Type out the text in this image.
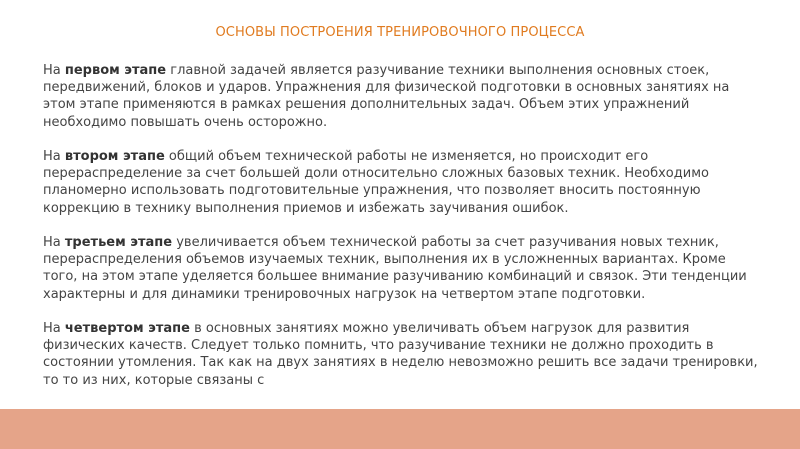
ОСНОВЫ ПОСТРОЕНИЯ ТРЕНИРОВОЧНОГО ПРОЦЕССА

На первом этапе главной задачей является разучивание техники выполнения основных стоек, передвижений, блоков и ударов. Упражнения для физической подготовки в основных занятиях на этом этапе применяются в рамках решения дополнительных задач. Объем этих упражнений необходимо повышать очень осторожно.

На втором этапе общий объем технической работы не изменяется, но происходит его перераспределение за счет большей доли относительно сложных базовых техник. Необходимо планомерно использовать подготовительные упражнения, что позволяет вносить постоянную коррекцию в технику выполнения приемов и избежать заучивания ошибок.

На третьем этапе увеличивается объем технической работы за счет разучивания новых техник, перераспределения объемов изучаемых техник, выполнения их в усложненных вариантах. Кроме того, на этом этапе уделяется большее внимание разучиванию комбинаций и связок. Эти тенденции характерны и для динамики тренировочных нагрузок на четвертом этапе подготовки.

На четвертом этапе в основных занятиях можно увеличивать объем нагрузок для развития физических качеств. Следует только помнить, что разучивание техники не должно проходить в состоянии утомления. Так как на двух занятиях в неделю невозможно решить все задачи тренировки, то то из них, которые связаны с
